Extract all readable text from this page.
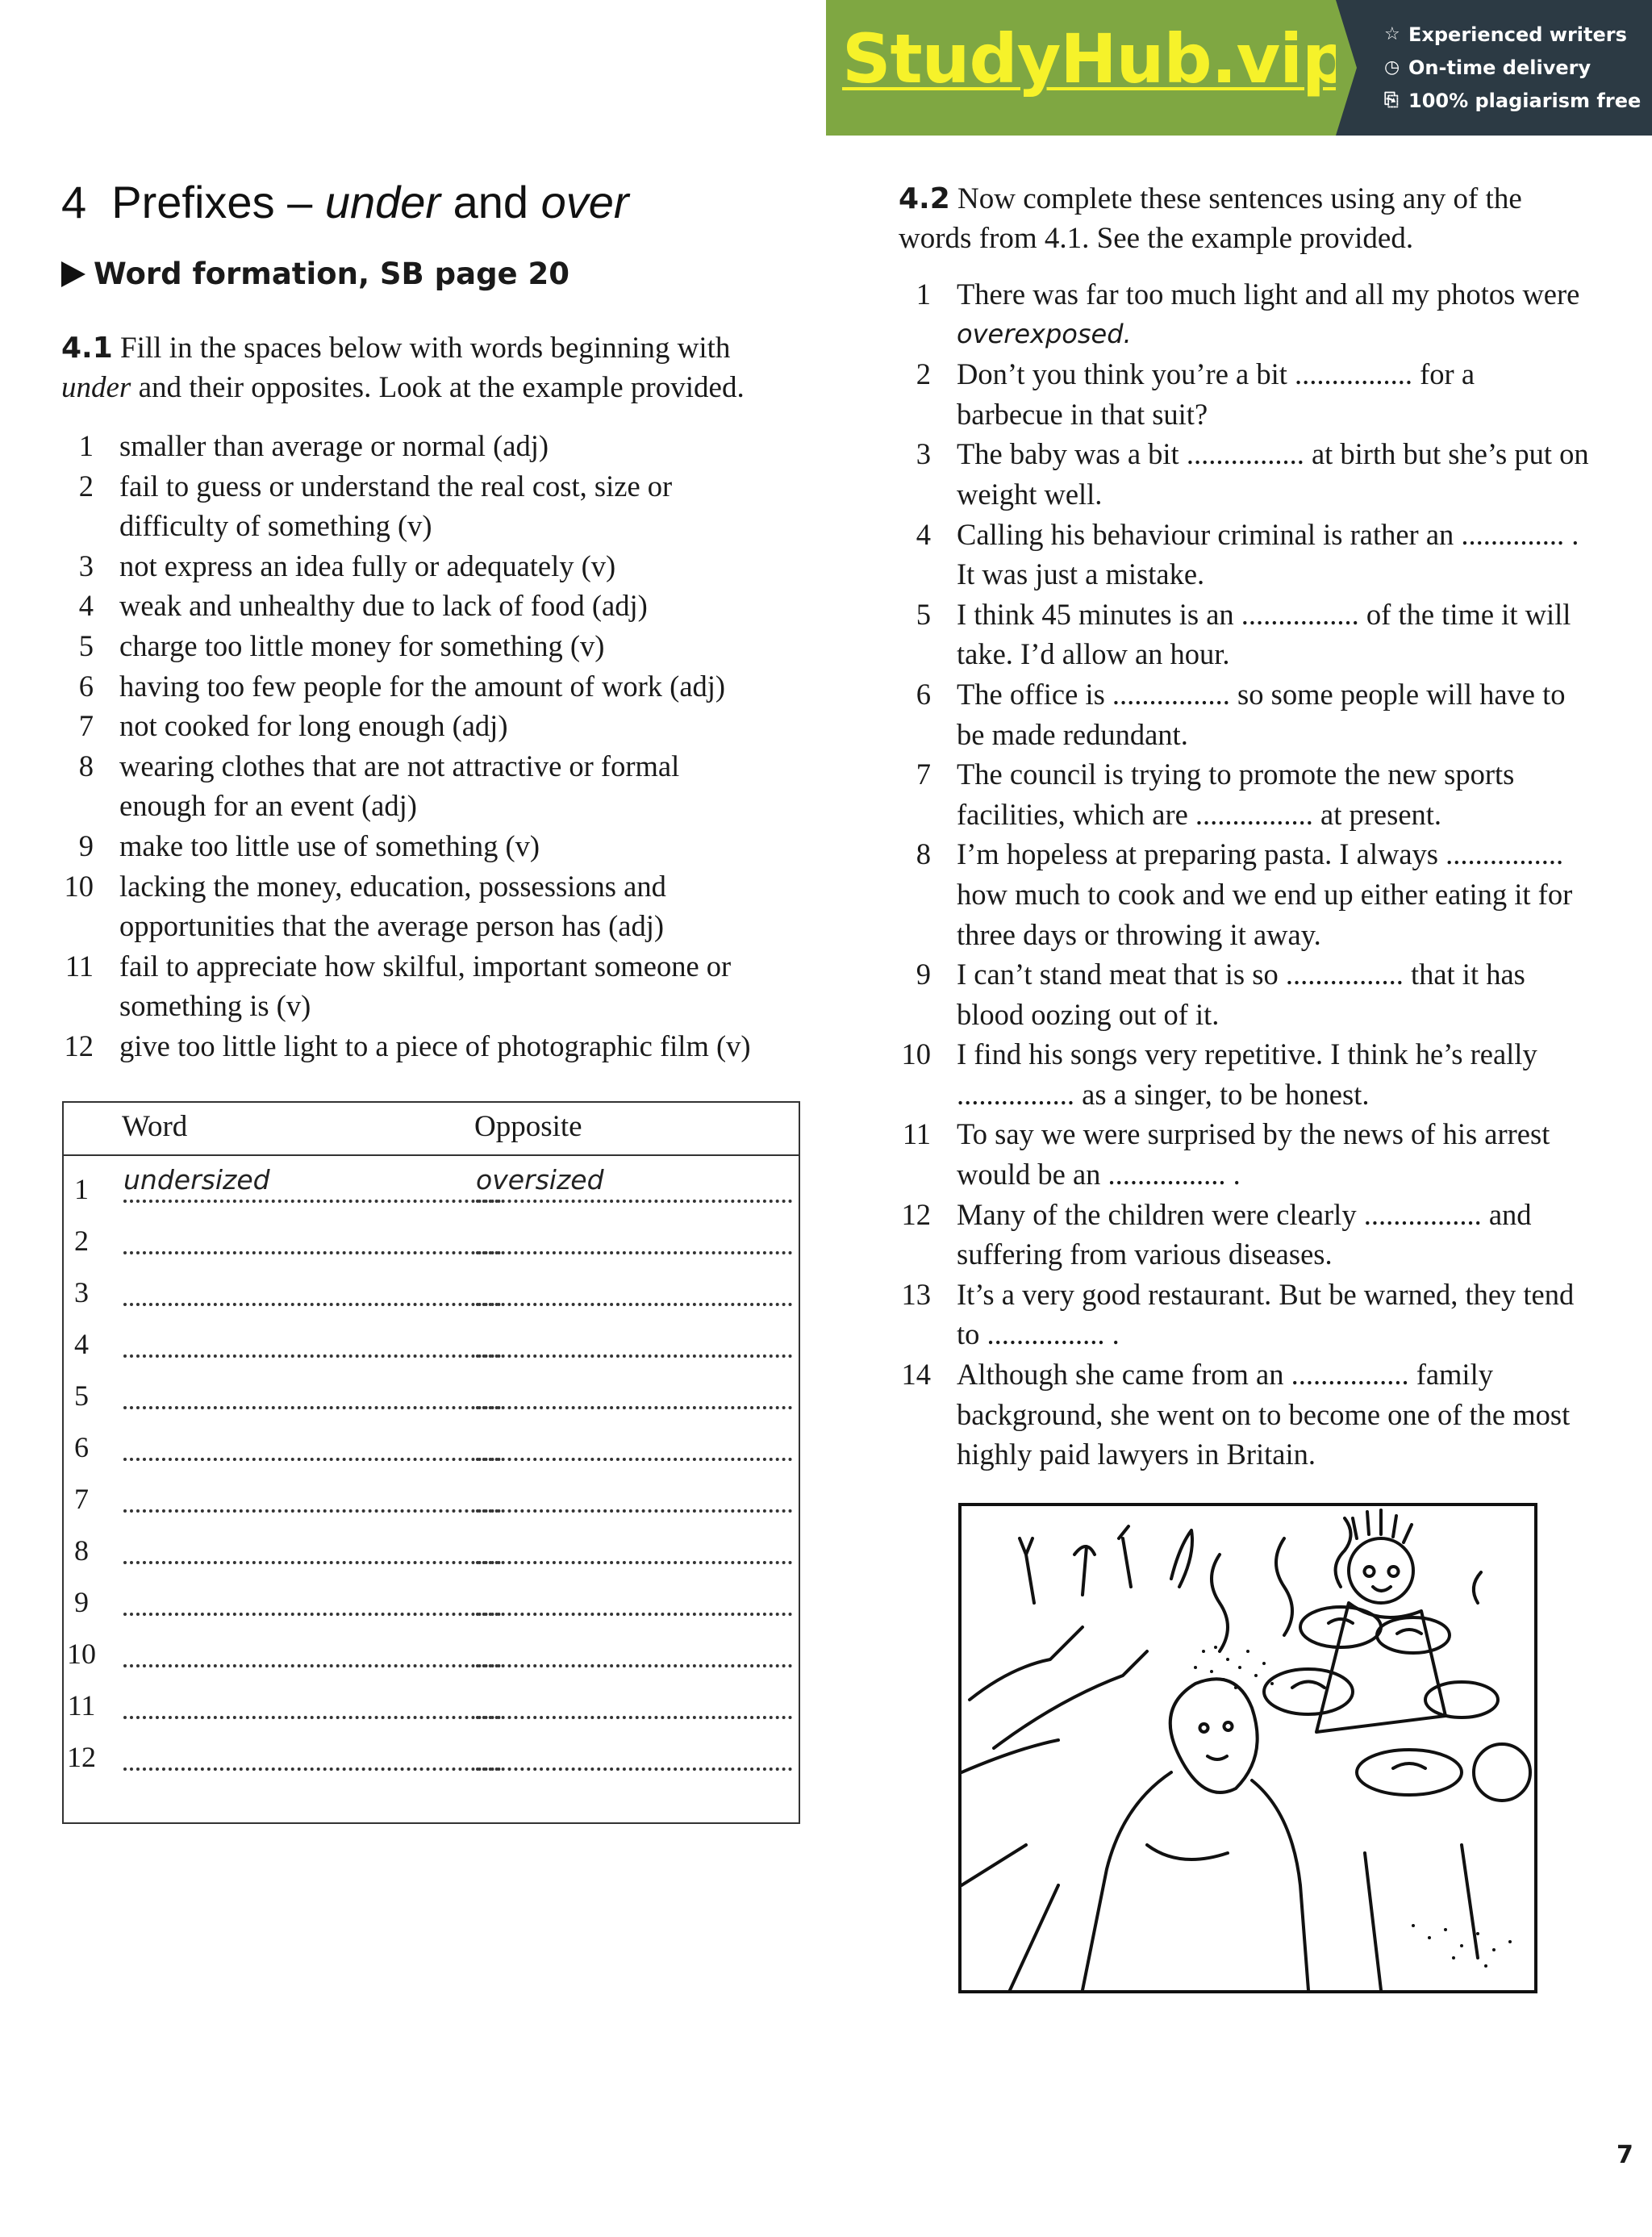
StudyHub.vip ☆ Experienced writers
◷ On-time delivery
⎘ 100% plagiarism free
4 Prefixes – under and over
Word formation, SB page 20
4.1 Fill in the spaces below with words beginning with
under and their opposites. Look at the example provided.
1 smaller than average or normal (adj)
2 fail to guess or understand the real cost, size or
difficulty of something (v)
3 not express an idea fully or adequately (v)
4 weak and unhealthy due to lack of food (adj)
5 charge too little money for something (v)
6 having too few people for the amount of work (adj)
7 not cooked for long enough (adj)
8 wearing clothes that are not attractive or formal
enough for an event (adj)
9 make too little use of something (v)
10 lacking the money, education, possessions and
opportunities that the average person has (adj)
11 fail to appreciate how skilful, important someone or
something is (v)
12 give too little light to a piece of photographic film (v)
Word	Opposite
1	undersized	oversized
2
3
4
5
6
7
8
9
10
11
12
4.2 Now complete these sentences using any of the
words from 4.1. See the example provided.
1 There was far too much light and all my photos were
overexposed.
2 Don’t you think you’re a bit ................ for a
barbecue in that suit?
3 The baby was a bit ................ at birth but she’s put on
weight well.
4 Calling his behaviour criminal is rather an .............. .
It was just a mistake.
5 I think 45 minutes is an ................ of the time it will
take. I’d allow an hour.
6 The office is ................ so some people will have to
be made redundant.
7 The council is trying to promote the new sports
facilities, which are ................ at present.
8 I’m hopeless at preparing pasta. I always ................
how much to cook and we end up either eating it for
three days or throwing it away.
9 I can’t stand meat that is so ................ that it has
blood oozing out of it.
10 I find his songs very repetitive. I think he’s really
................ as a singer, to be honest.
11 To say we were surprised by the news of his arrest
would be an ................ .
12 Many of the children were clearly ................ and
suffering from various diseases.
13 It’s a very good restaurant. But be warned, they tend
to ................ .
14 Although she came from an ................ family
background, she went on to become one of the most
highly paid lawyers in Britain.
7
